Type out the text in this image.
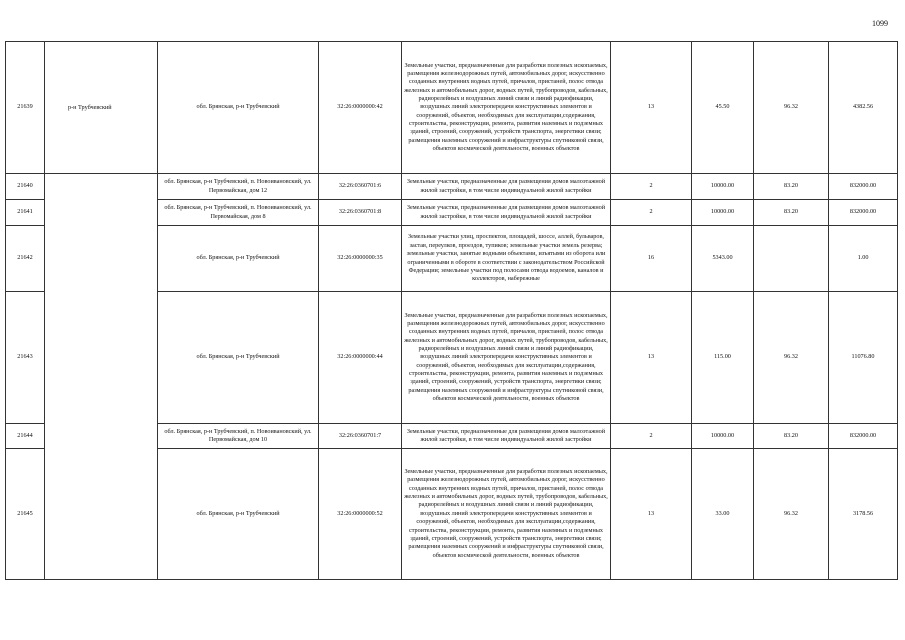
1099
21639	р-н Трубчевский	обл. Брянская, р-н Трубчевский	32:26:0000000:42	Земельные участки, предназначенные для разработки полезных ископаемых, размещения железнодорожных путей, автомобильных дорог, искусственно созданных внутренних водных путей, причалов, пристаней, полос отвода железных и автомобильных дорог, водных путей, трубопроводов, кабельных, радиорелейных и воздушных линий связи и линий радиофикации, воздушных линий электропередачи конструктивных элементов и сооружений, объектов, необходимых для эксплуатации,содержания, строительства, реконструкции, ремонта, развития наземных и подземных зданий, строений, сооружений, устройств транспорта, энергетики связи; размещения наземных сооружений и инфраструктуры спутниковой связи, объектов космической деятельности, военных объектов	13	45.50	96.32	4382.56
21640		обл. Брянская, р-н Трубчевский, п. Новоивановский, ул. Первомайская, дом 12	32:26:0360701:6	Земельные участки, предназначенные для размещения домов малоэтажной жилой застройки, в том числе индивидуальной жилой застройки	2	10000.00	83.20	832000.00
21641		обл. Брянская, р-н Трубчевский, п. Новоивановский, ул. Первомайская, дом 8	32:26:0360701:8	Земельные участки, предназначенные для размещения домов малоэтажной жилой застройки, в том числе индивидуальной жилой застройки	2	10000.00	83.20	832000.00
21642		обл. Брянская, р-н Трубчевский	32:26:0000000:35	Земельные участки улиц, проспектов, площадей, шоссе, аллей, бульваров, застав, переулков, проездов, тупиков; земельные участки земель резерва; земельные участки, занятые водными объектами, изъятыми из оборота или ограниченными в обороте в соответствии с законодательством Российской Федерации; земельные участки под полосами отвода водоемов, каналов и коллекторов, набережные	16	5343.00		1.00
21643		обл. Брянская, р-н Трубчевский	32:26:0000000:44	Земельные участки, предназначенные для разработки полезных ископаемых, размещения железнодорожных путей, автомобильных дорог, искусственно созданных внутренних водных путей, причалов, пристаней, полос отвода железных и автомобильных дорог, водных путей, трубопроводов, кабельных, радиорелейных и воздушных линий связи и линий радиофикации, воздушных линий электропередачи конструктивных элементов и сооружений, объектов, необходимых для эксплуатации,содержания, строительства, реконструкции, ремонта, развития наземных и подземных зданий, строений, сооружений, устройств транспорта, энергетики связи; размещения наземных сооружений и инфраструктуры спутниковой связи, объектов космической деятельности, военных объектов	13	115.00	96.32	11076.80
21644		обл. Брянская, р-н Трубчевский, п. Новоивановский, ул. Первомайская, дом 10	32:26:0360701:7	Земельные участки, предназначенные для размещения домов малоэтажной жилой застройки, в том числе индивидуальной жилой застройки	2	10000.00	83.20	832000.00
21645		обл. Брянская, р-н Трубчевский	32:26:0000000:52	Земельные участки, предназначенные для разработки полезных ископаемых, размещения железнодорожных путей, автомобильных дорог, искусственно созданных внутренних водных путей, причалов, пристаней, полос отвода железных и автомобильных дорог, водных путей, трубопроводов, кабельных, радиорелейных и воздушных линий связи и линий радиофикации, воздушных линий электропередачи конструктивных элементов и сооружений, объектов, необходимых для эксплуатации,содержания, строительства, реконструкции, ремонта, развития наземных и подземных зданий, строений, сооружений, устройств транспорта, энергетики связи; размещения наземных сооружений и инфраструктуры спутниковой связи, объектов космической деятельности, военных объектов	13	33.00	96.32	3178.56
